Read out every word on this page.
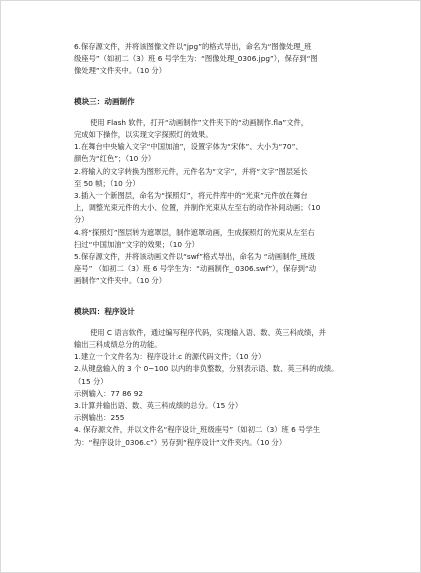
6.保存源文件，并将该图像文件以“jpg”的格式导出，命名为“图像处理_班

级座号”（如初二（3）班 6 号学生为：“图像处理_0306.jpg”），保存到“图

像处理”文件夹中。（10 分）

模块三：动画制作

使用 Flash 软件，打开“动画制作”文件夹下的“动画制作.fla”文件，

完成如下操作，以实现文字探照灯的效果。

1.在舞台中央输入文字“中国加油”，设置字体为“宋体”、大小为“70”、

颜色为“红色”；（10 分）

2.将输入的文字转换为图形元件，元件名为“文字”，并将“文字”图层延长

至 50 帧；（10 分）

3.插入一个新图层，命名为“探照灯”，将元件库中的“光束”元件放在舞台

上，调整光束元件的大小、位置，并制作光束从左至右的动作补间动画；（10

分）

4.将“探照灯”图层转为遮罩层，制作遮罩动画，生成探照灯的光束从左至右

扫过“中国加油”文字的效果；（10 分）

5.保存源文件，并将该动画文件以“swf”格式导出，命名为 “动画制作_班级

座号” （如初二（3）班 6 号学生为：“动画制作_ 0306.swf”），保存到“动

画制作”文件夹中。（10 分）

模块四：程序设计

使用 C 语言软件，通过编写程序代码，实现输入语、数、英三科成绩，并

输出三科成绩总分的功能。

1.建立一个文件名为：程序设计.c 的源代码文件；（10 分）

2.从键盘输入的 3 个 0~100 以内的非负整数，分别表示语、数、英三科的成绩。

（15 分）

示例输入：77 86 92

3.计算并输出语、数、英三科成绩的总分。（15 分）

示例输出：255

4. 保存源文件，并以文件名“程序设计_班级座号”（如初二（3）班 6 号学生

为：“程序设计_0306.c”）另存到“程序设计“文件夹内。（10 分）
